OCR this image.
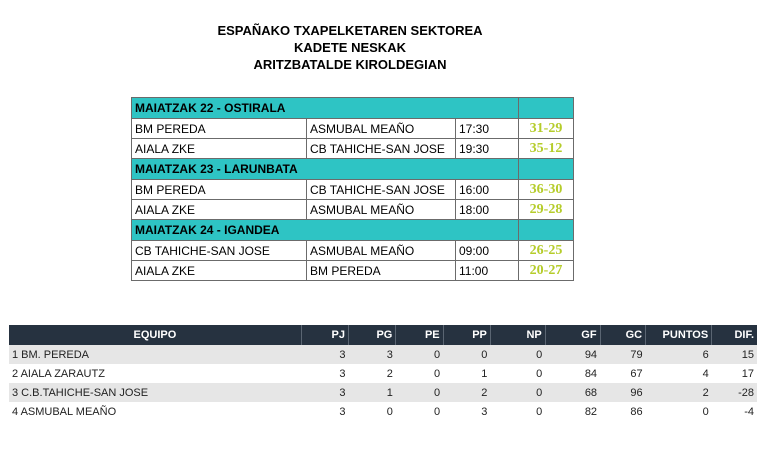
ESPAÑAKO TXAPELKETAREN SEKTOREA
KADETE NESKAK
ARITZBATALDE KIROLDEGIAN
MAIATZAK 22 - OSTIRALA			
BM PEREDA	ASMUBAL MEAÑO	17:30	31-29
AIALA ZKE	CB TAHICHE-SAN JOSE	19:30	35-12
MAIATZAK 23 - LARUNBATA			
BM PEREDA	CB TAHICHE-SAN JOSE	16:00	36-30
AIALA ZKE	ASMUBAL MEAÑO	18:00	29-28
MAIATZAK 24 - IGANDEA			
CB TAHICHE-SAN JOSE	ASMUBAL MEAÑO	09:00	26-25
AIALA ZKE	BM PEREDA	11:00	20-27
EQUIPO	PJ	PG	PE	PP	NP	GF	GC	PUNTOS	DIF.
1 BM. PEREDA	3	3	0	0	0	94	79	6	15
2 AIALA ZARAUTZ	3	2	0	1	0	84	67	4	17
3 C.B.TAHICHE-SAN JOSE	3	1	0	2	0	68	96	2	-28
4 ASMUBAL MEAÑO	3	0	0	3	0	82	86	0	-4
